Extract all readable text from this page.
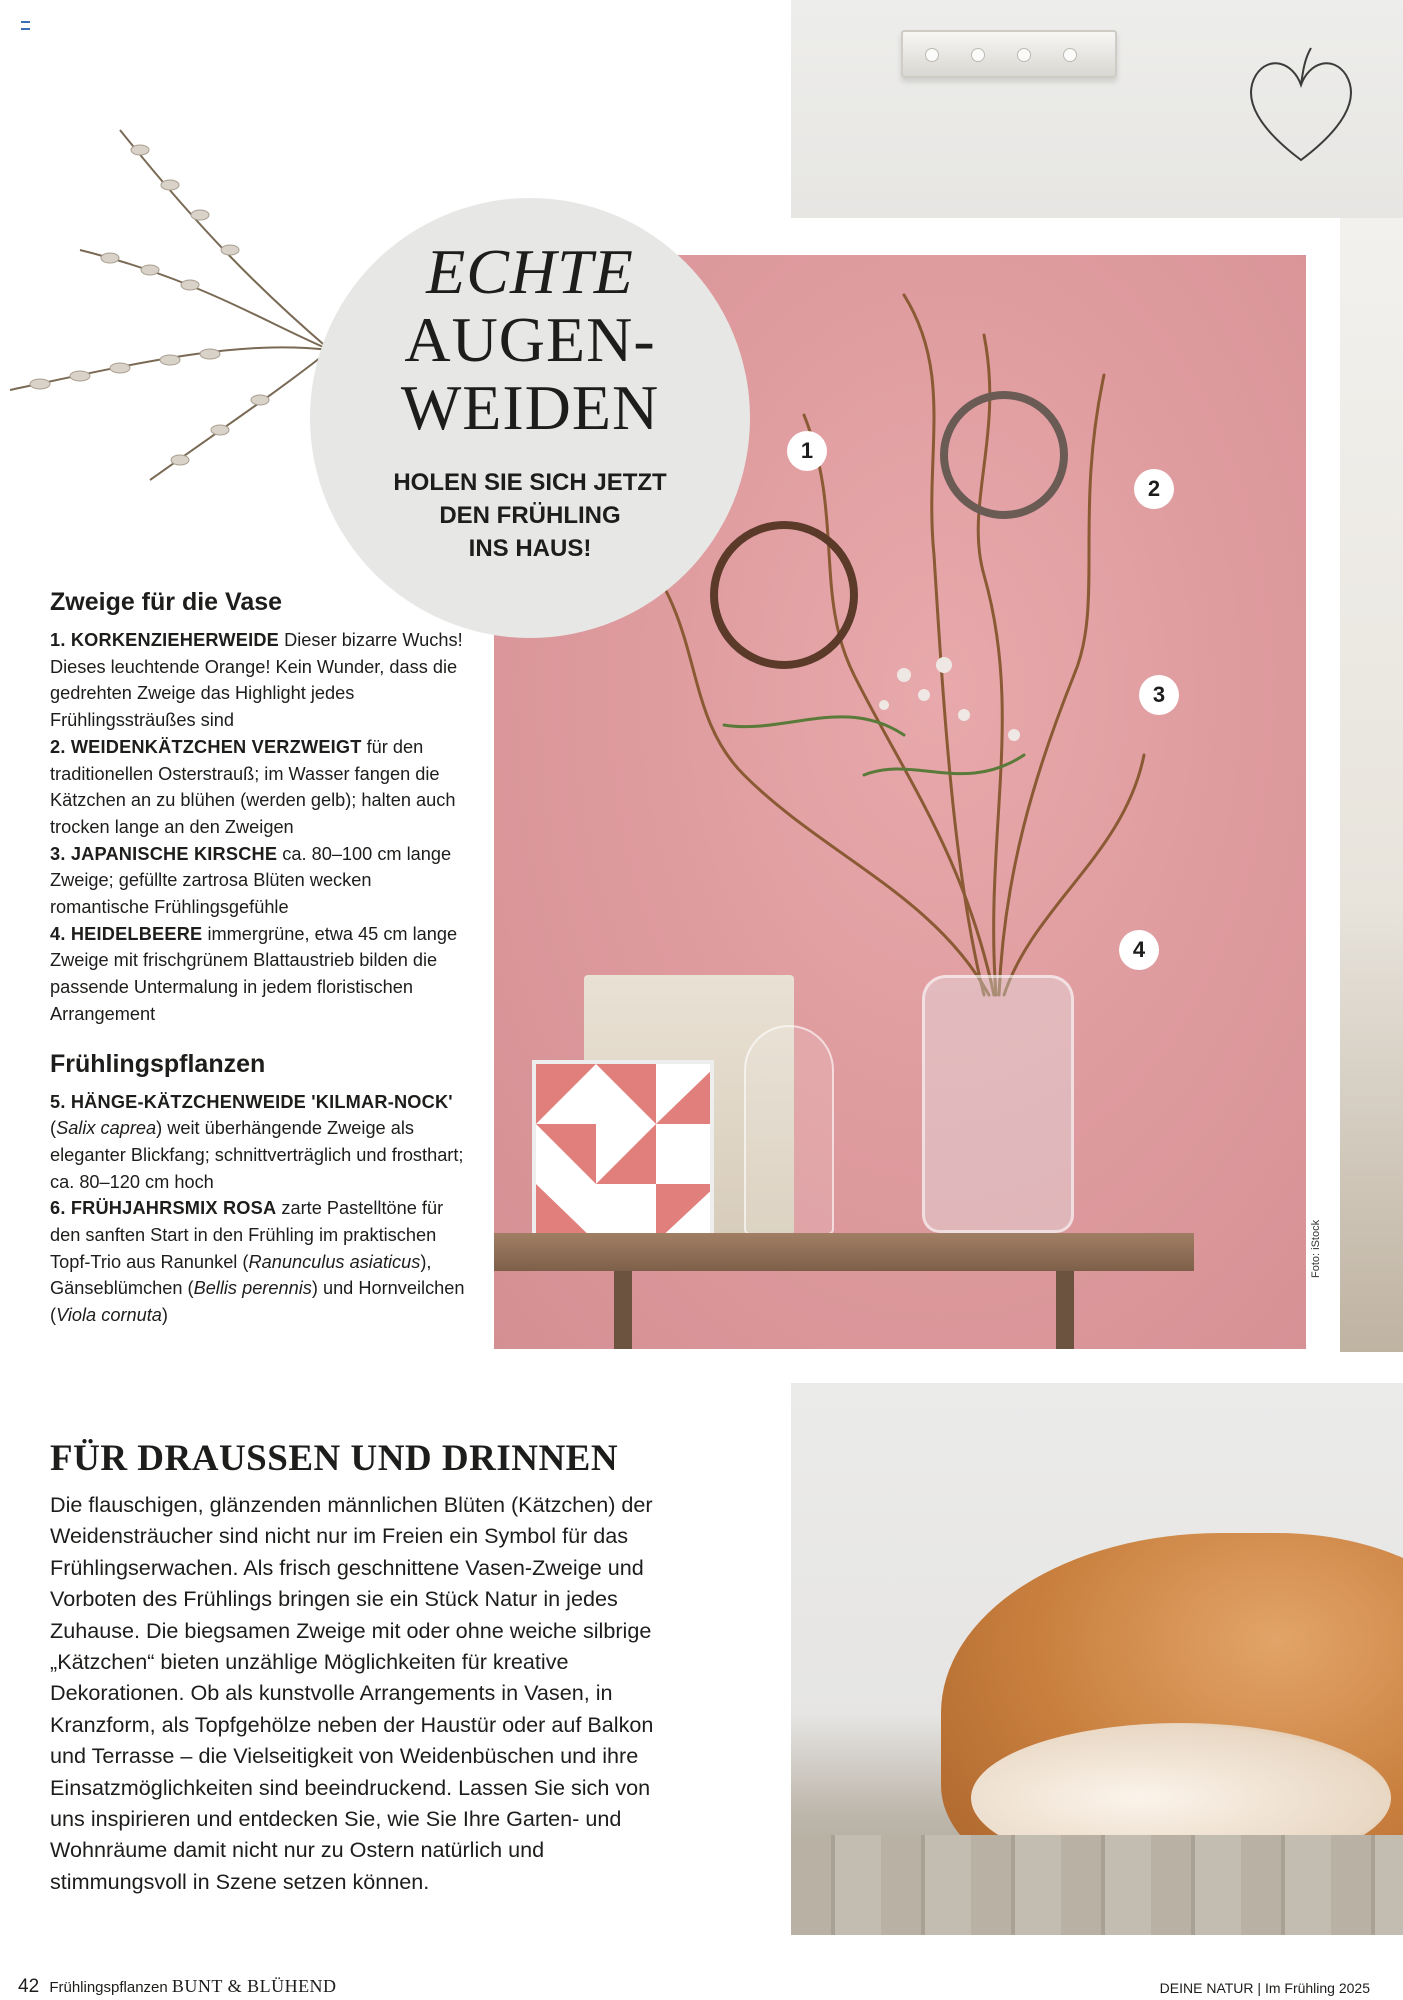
1
2
3
4
Foto: iStock
ECHTE
AUGEN-
WEIDEN
HOLEN SIE SICH JETZT
DEN FRÜHLING
INS HAUS!
Zweige für die Vase

1. KORKENZIEHERWEIDE Dieser bizarre Wuchs! Dieses leuchtende Orange! Kein Wunder, dass die gedrehten Zweige das Highlight jedes Frühlingssträußes sind

2. WEIDENKÄTZCHEN VERZWEIGT für den traditionellen Osterstrauß; im Wasser fangen die Kätzchen an zu blühen (werden gelb); halten auch trocken lange an den Zweigen

3. JAPANISCHE KIRSCHE ca. 80–100 cm lange Zweige; gefüllte zartrosa Blüten wecken romantische Frühlingsgefühle

4. HEIDELBEERE immergrüne, etwa 45 cm lange Zweige mit frischgrünem Blattaustrieb bilden die passende Untermalung in jedem floristischen Arrangement

Frühlingspflanzen

5. HÄNGE-KÄTZCHENWEIDE 'KILMAR-NOCK' (Salix caprea) weit überhängende Zweige als eleganter Blickfang; schnittverträglich und frosthart; ca. 80–120 cm hoch

6. FRÜHJAHRSMIX ROSA zarte Pastelltöne für den sanften Start in den Frühling im praktischen Topf-Trio aus Ranunkel (Ranunculus asiaticus), Gänseblümchen (Bellis perennis) und Hornveilchen (Viola cornuta)

FÜR DRAUSSEN UND DRINNEN

Die flauschigen, glänzenden männlichen Blüten (Kätzchen) der Weidensträucher sind nicht nur im Freien ein Symbol für das Frühlingserwachen. Als frisch geschnittene Vasen-Zweige und Vorboten des Frühlings bringen sie ein Stück Natur in jedes Zuhause. Die biegsamen Zweige mit oder ohne weiche silbrige „Kätzchen“ bieten unzählige Möglichkeiten für kreative Dekorationen. Ob als kunstvolle Arrangements in Vasen, in Kranzform, als Topfgehölze neben der Haustür oder auf Balkon und Terrasse – die Vielseitigkeit von Weidenbüschen und ihre Einsatzmöglichkeiten sind beeindruckend. Lassen Sie sich von uns inspirieren und entdecken Sie, wie Sie Ihre Garten- und Wohnräume damit nicht nur zu Ostern natürlich und stimmungsvoll in Szene setzen können.

42 Frühlingspflanzen BUNT & BLÜHEND	DEINE NATUR | Im Frühling 2025
